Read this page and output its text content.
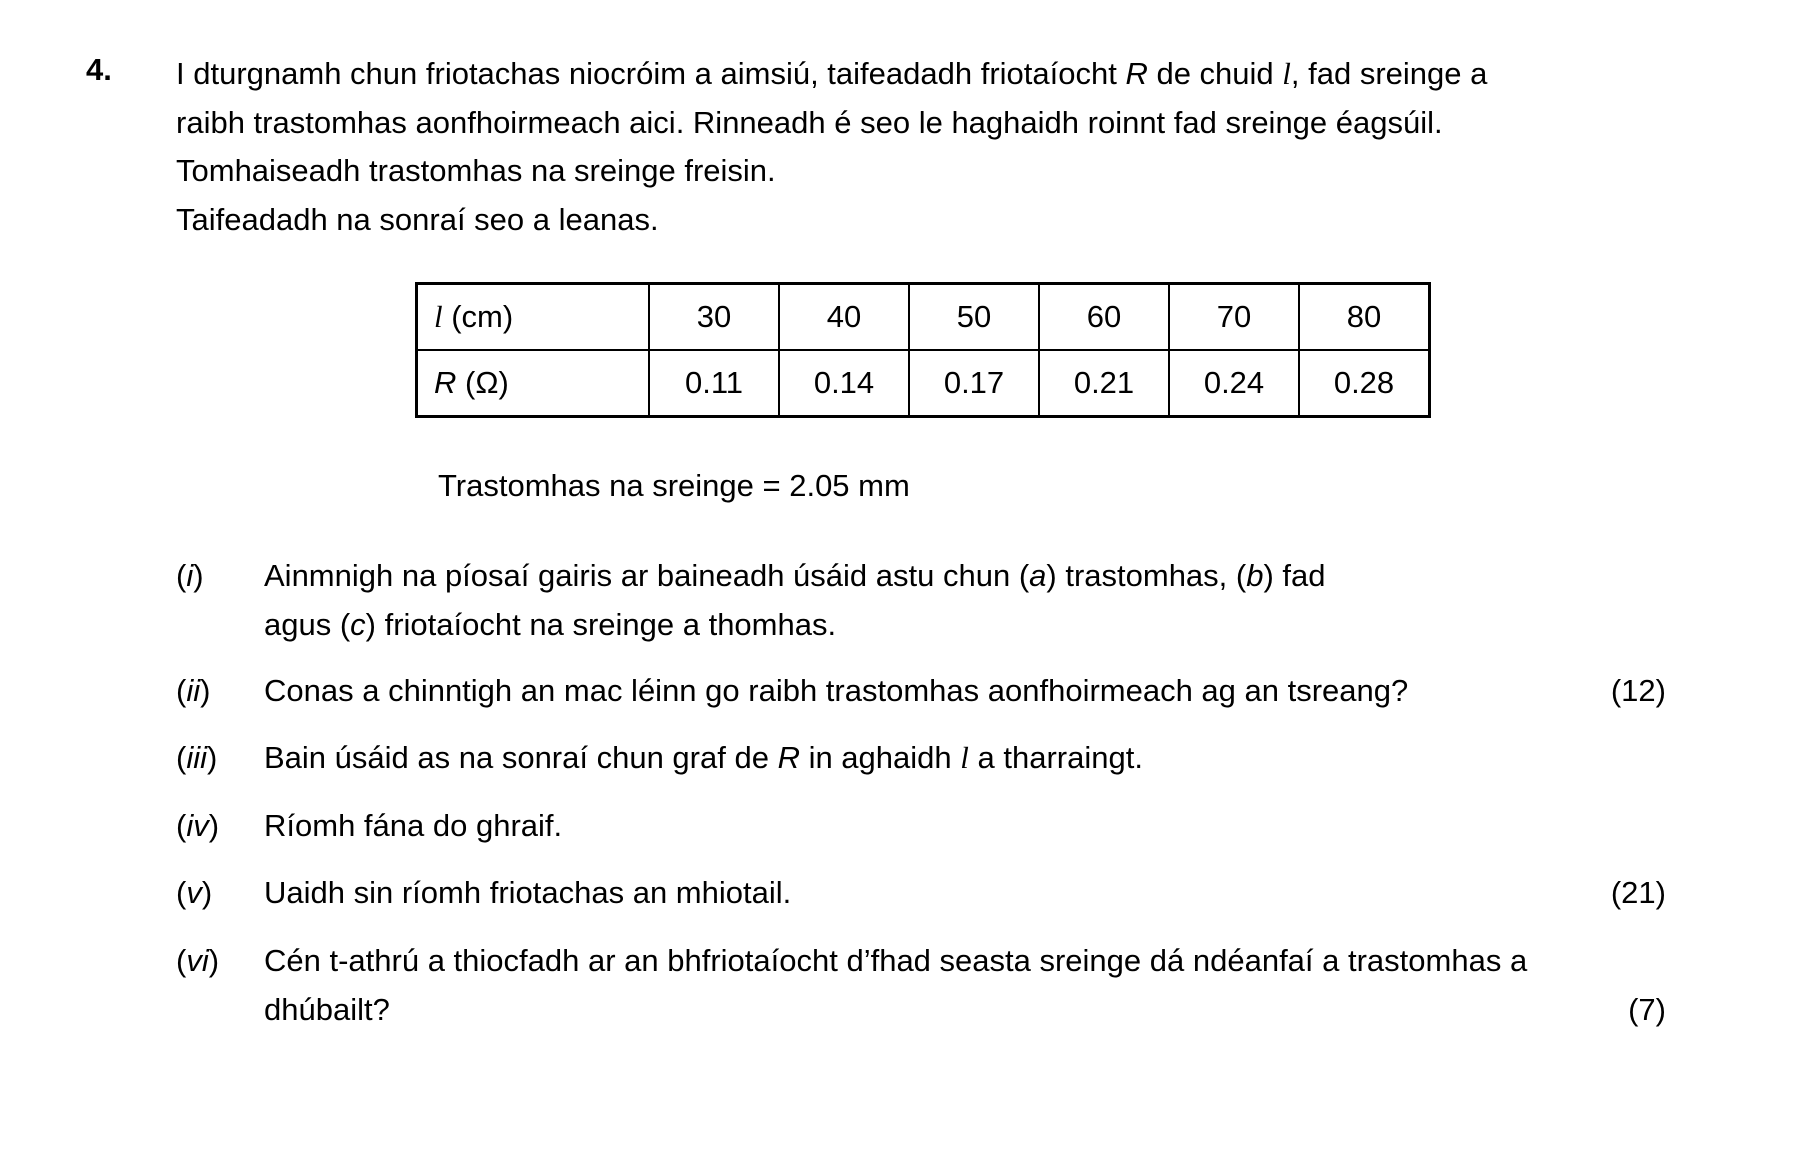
4. I dturgnamh chun friotachas niocróim a aimsiú, taifeadadh friotaíocht R de chuid l, fad sreinge a

raibh trastomhas aonfhoirmeach aici. Rinneadh é seo le haghaidh roinnt fad sreinge éagsúil.

Tomhaiseadh trastomhas na sreinge freisin.

Taifeadadh na sonraí seo a leanas.

l (cm)	30	40	50	60	70	80
R (Ω)	0.11	0.14	0.17	0.21	0.24	0.28
Trastomhas na sreinge = 2.05 mm
(i) Ainmnigh na píosaí gairis ar baineadh úsáid astu chun (a) trastomhas, (b) fad
agus (c) friotaíocht na sreinge a thomhas.
(ii) Conas a chinntigh an mac léinn go raibh trastomhas aonfhoirmeach ag an tsreang?	(12)
(iii) Bain úsáid as na sonraí chun graf de R in aghaidh l a tharraingt.
(iv) Ríomh fána do ghraif.
(v) Uaidh sin ríomh friotachas an mhiotail.	(21)
(vi) Cén t-athrú a thiocfadh ar an bhfriotaíocht d’fhad seasta sreinge dá ndéanfaí a trastomhas a
dhúbailt?	(7)
